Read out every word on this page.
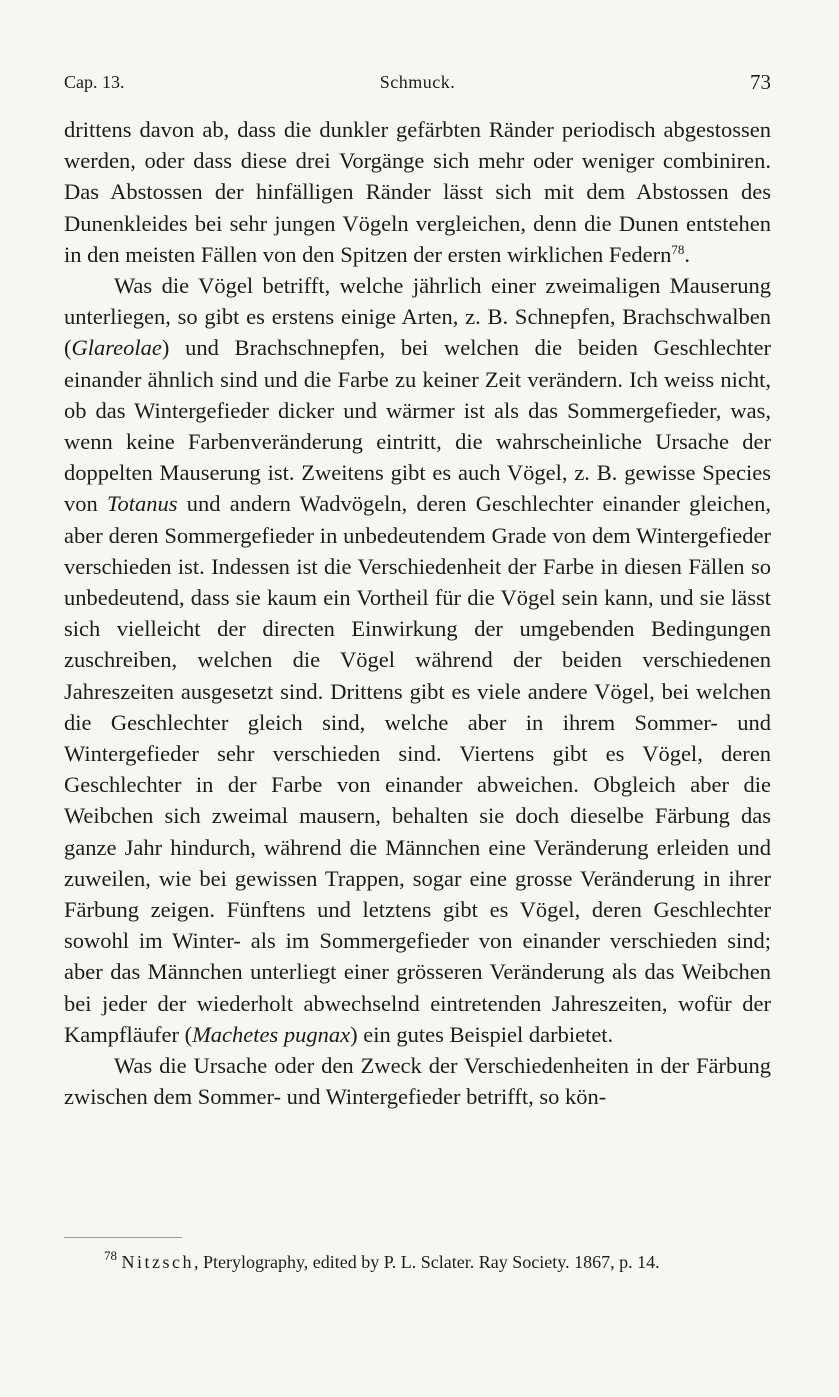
Cap. 13.	Schmuck.	73

drittens davon ab, dass die dunkler gefärbten Ränder periodisch abgestossen werden, oder dass diese drei Vorgänge sich mehr oder weniger combiniren. Das Abstossen der hinfälligen Ränder lässt sich mit dem Abstossen des Dunenkleides bei sehr jungen Vögeln vergleichen, denn die Dunen entstehen in den meisten Fällen von den Spitzen der ersten wirklichen Federn$^{78}$.

Was die Vögel betrifft, welche jährlich einer zweimaligen Mauserung unterliegen, so gibt es erstens einige Arten, z. B. Schnepfen, Brachschwalben (Glareolae) und Brachschnepfen, bei welchen die beiden Geschlechter einander ähnlich sind und die Farbe zu keiner Zeit verändern. Ich weiss nicht, ob das Wintergefieder dicker und wärmer ist als das Sommergefieder, was, wenn keine Farbenveränderung eintritt, die wahrscheinliche Ursache der doppelten Mauserung ist. Zweitens gibt es auch Vögel, z. B. gewisse Species von Totanus und andern Wadvögeln, deren Geschlechter einander gleichen, aber deren Sommergefieder in unbedeutendem Grade von dem Wintergefieder verschieden ist. Indessen ist die Verschiedenheit der Farbe in diesen Fällen so unbedeutend, dass sie kaum ein Vortheil für die Vögel sein kann, und sie lässt sich vielleicht der directen Einwirkung der umgebenden Bedingungen zuschreiben, welchen die Vögel während der beiden verschiedenen Jahreszeiten ausgesetzt sind. Drittens gibt es viele andere Vögel, bei welchen die Geschlechter gleich sind, welche aber in ihrem Sommer- und Wintergefieder sehr verschieden sind. Viertens gibt es Vögel, deren Geschlechter in der Farbe von einander abweichen. Obgleich aber die Weibchen sich zweimal mausern, behalten sie doch dieselbe Färbung das ganze Jahr hindurch, während die Männchen eine Veränderung erleiden und zuweilen, wie bei gewissen Trappen, sogar eine grosse Veränderung in ihrer Färbung zeigen. Fünftens und letztens gibt es Vögel, deren Geschlechter sowohl im Winter- als im Sommergefieder von einander verschieden sind; aber das Männchen unterliegt einer grösseren Veränderung als das Weibchen bei jeder der wiederholt abwechselnd eintretenden Jahreszeiten, wofür der Kampfläufer (Machetes pugnax) ein gutes Beispiel darbietet.

Was die Ursache oder den Zweck der Verschiedenheiten in der Färbung zwischen dem Sommer- und Wintergefieder betrifft, so kön-

$^{78}$ Nitzsch, Pterylography, edited by P. L. Sclater. Ray Society. 1867, p. 14.
